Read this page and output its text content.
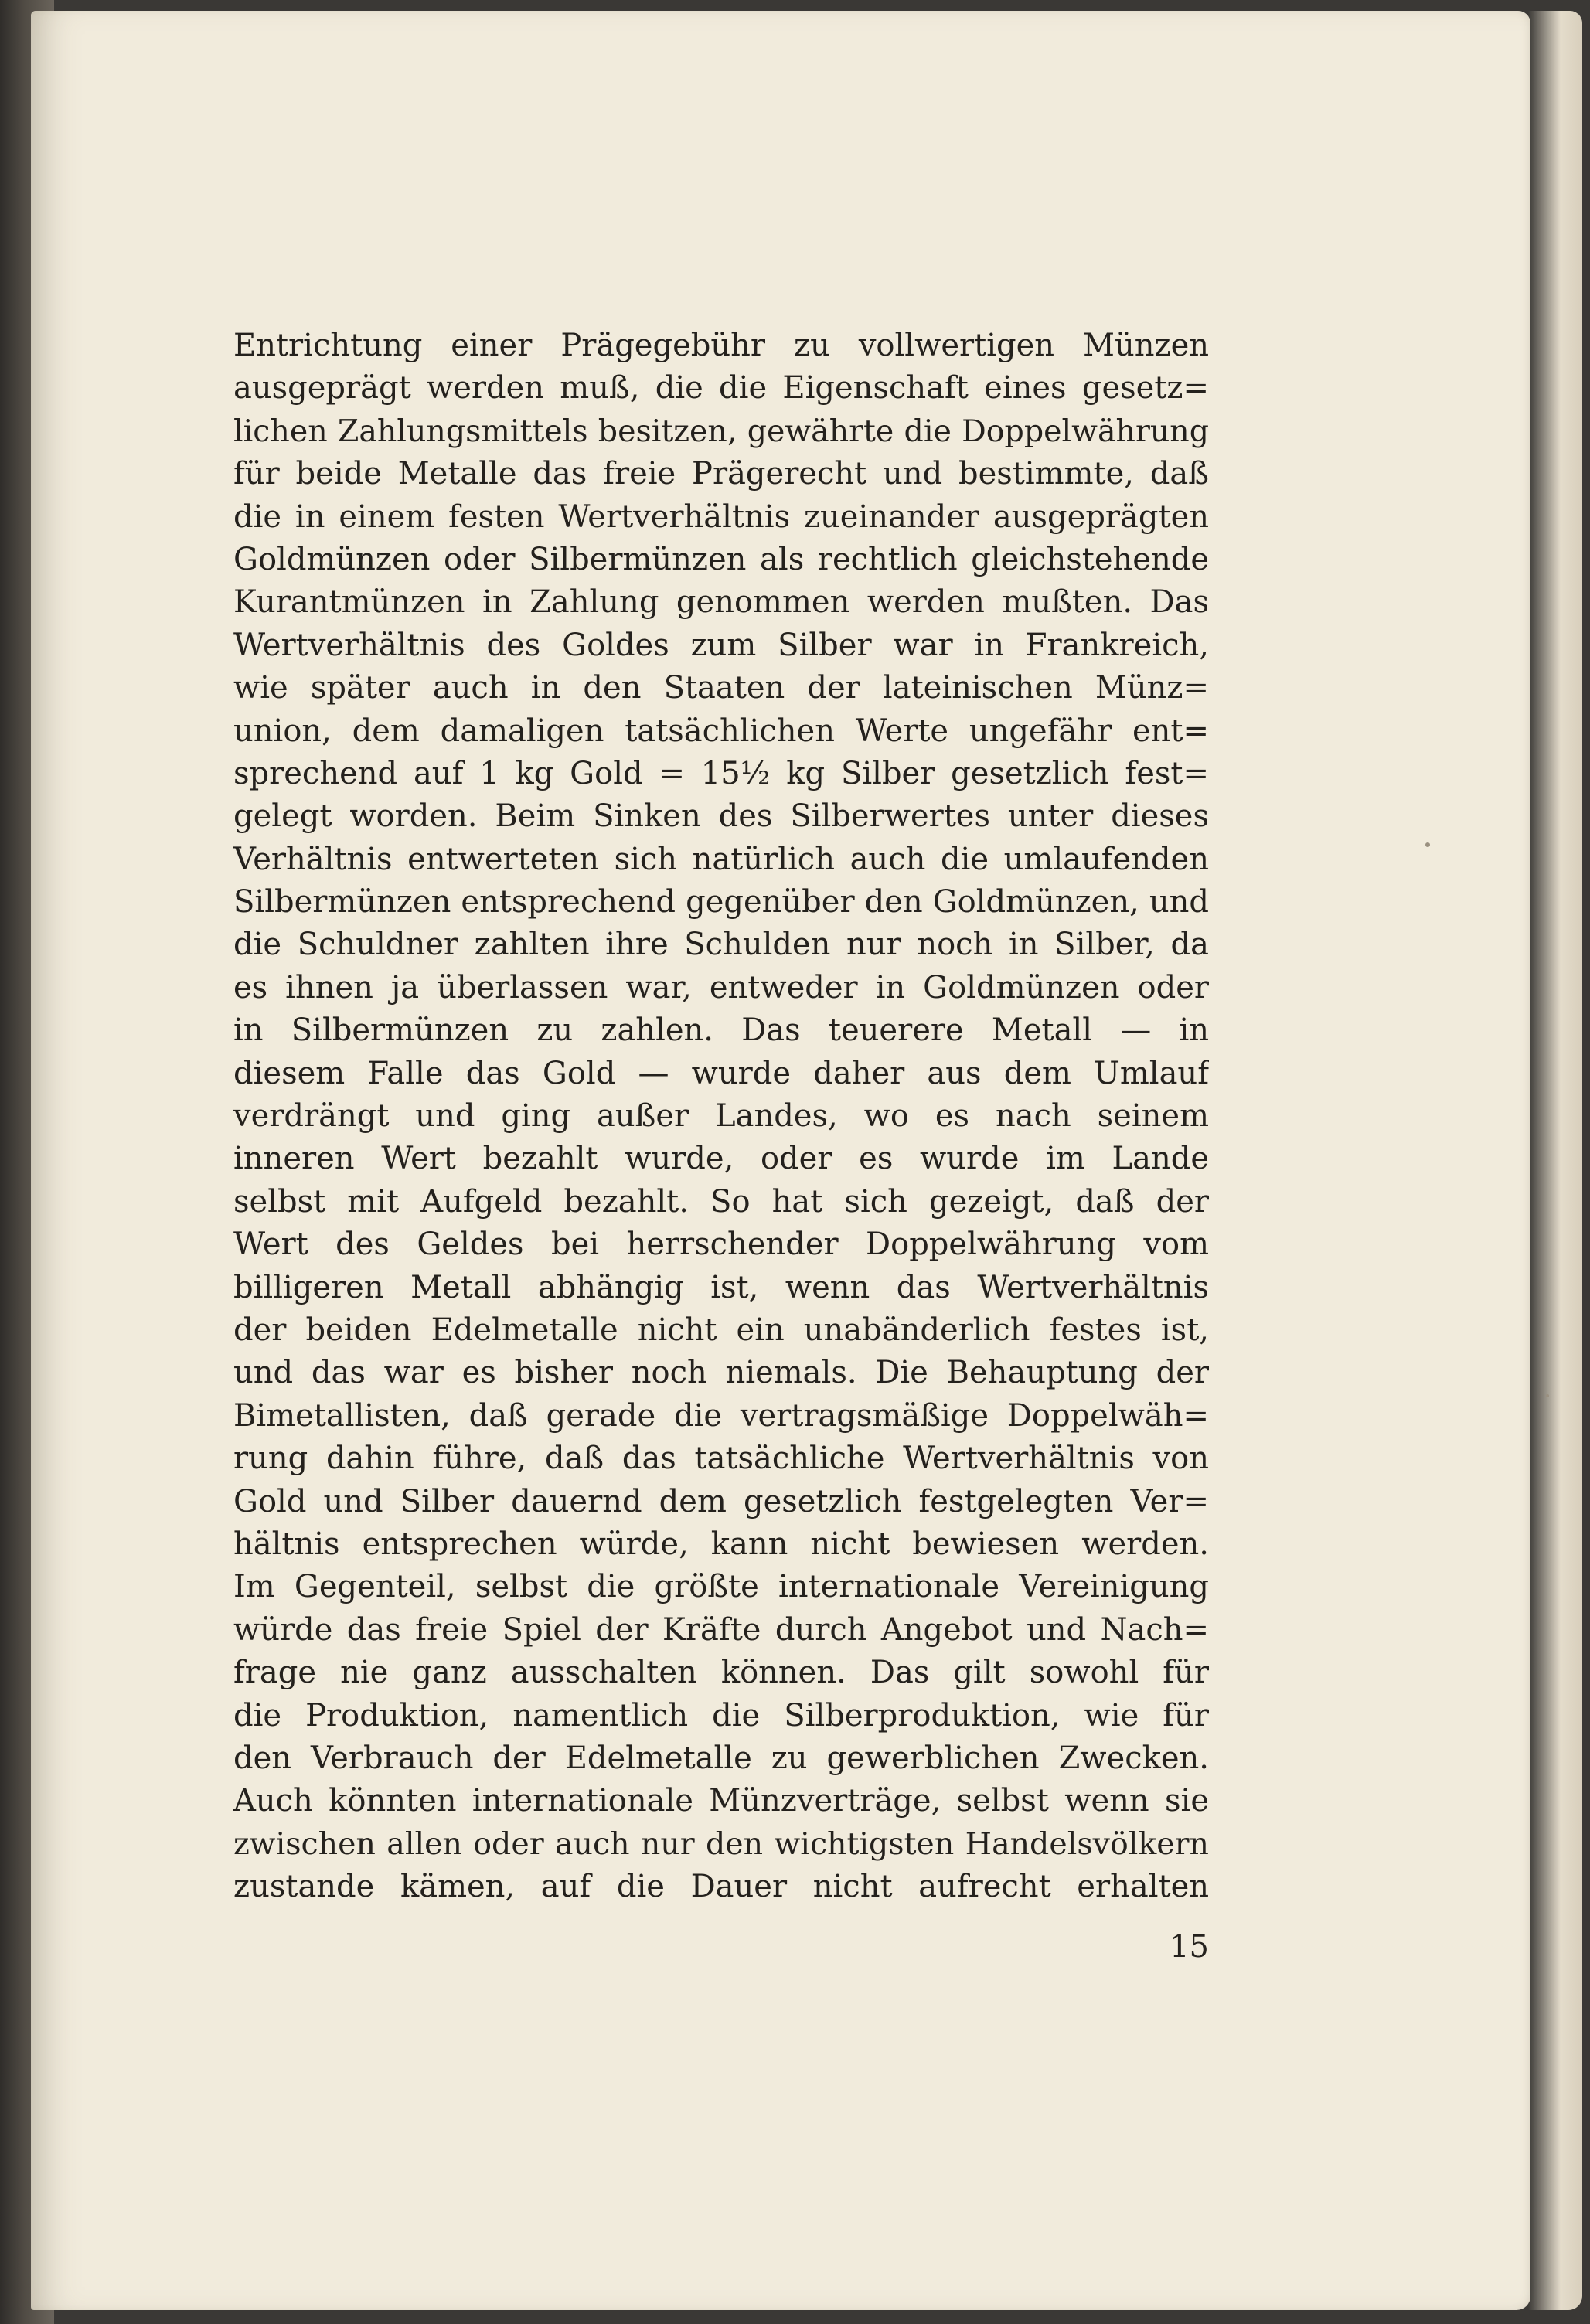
Entrichtung einer Prägegebühr zu vollwertigen Münzen
ausgeprägt werden muß, die die Eigenschaft eines gesetz=
lichen Zahlungsmittels besitzen, gewährte die Doppelwährung
für beide Metalle das freie Prägerecht und bestimmte, daß
die in einem festen Wertverhältnis zueinander ausgeprägten
Goldmünzen oder Silbermünzen als rechtlich gleichstehende
Kurantmünzen in Zahlung genommen werden mußten. Das
Wertverhältnis des Goldes zum Silber war in Frankreich,
wie später auch in den Staaten der lateinischen Münz=
union, dem damaligen tatsächlichen Werte ungefähr ent=
sprechend auf 1 kg Gold = 15½ kg Silber gesetzlich fest=
gelegt worden. Beim Sinken des Silberwertes unter dieses
Verhältnis entwerteten sich natürlich auch die umlaufenden
Silbermünzen entsprechend gegenüber den Goldmünzen, und
die Schuldner zahlten ihre Schulden nur noch in Silber, da
es ihnen ja überlassen war, entweder in Goldmünzen oder
in Silbermünzen zu zahlen. Das teuerere Metall — in
diesem Falle das Gold — wurde daher aus dem Umlauf
verdrängt und ging außer Landes, wo es nach seinem
inneren Wert bezahlt wurde, oder es wurde im Lande
selbst mit Aufgeld bezahlt. So hat sich gezeigt, daß der
Wert des Geldes bei herrschender Doppelwährung vom
billigeren Metall abhängig ist, wenn das Wertverhältnis
der beiden Edelmetalle nicht ein unabänderlich festes ist,
und das war es bisher noch niemals. Die Behauptung der
Bimetallisten, daß gerade die vertragsmäßige Doppelwäh=
rung dahin führe, daß das tatsächliche Wertverhältnis von
Gold und Silber dauernd dem gesetzlich festgelegten Ver=
hältnis entsprechen würde, kann nicht bewiesen werden.
Im Gegenteil, selbst die größte internationale Vereinigung
würde das freie Spiel der Kräfte durch Angebot und Nach=
frage nie ganz ausschalten können. Das gilt sowohl für
die Produktion, namentlich die Silberproduktion, wie für
den Verbrauch der Edelmetalle zu gewerblichen Zwecken.
Auch könnten internationale Münzverträge, selbst wenn sie
zwischen allen oder auch nur den wichtigsten Handelsvölkern
zustande kämen, auf die Dauer nicht aufrecht erhalten
15
